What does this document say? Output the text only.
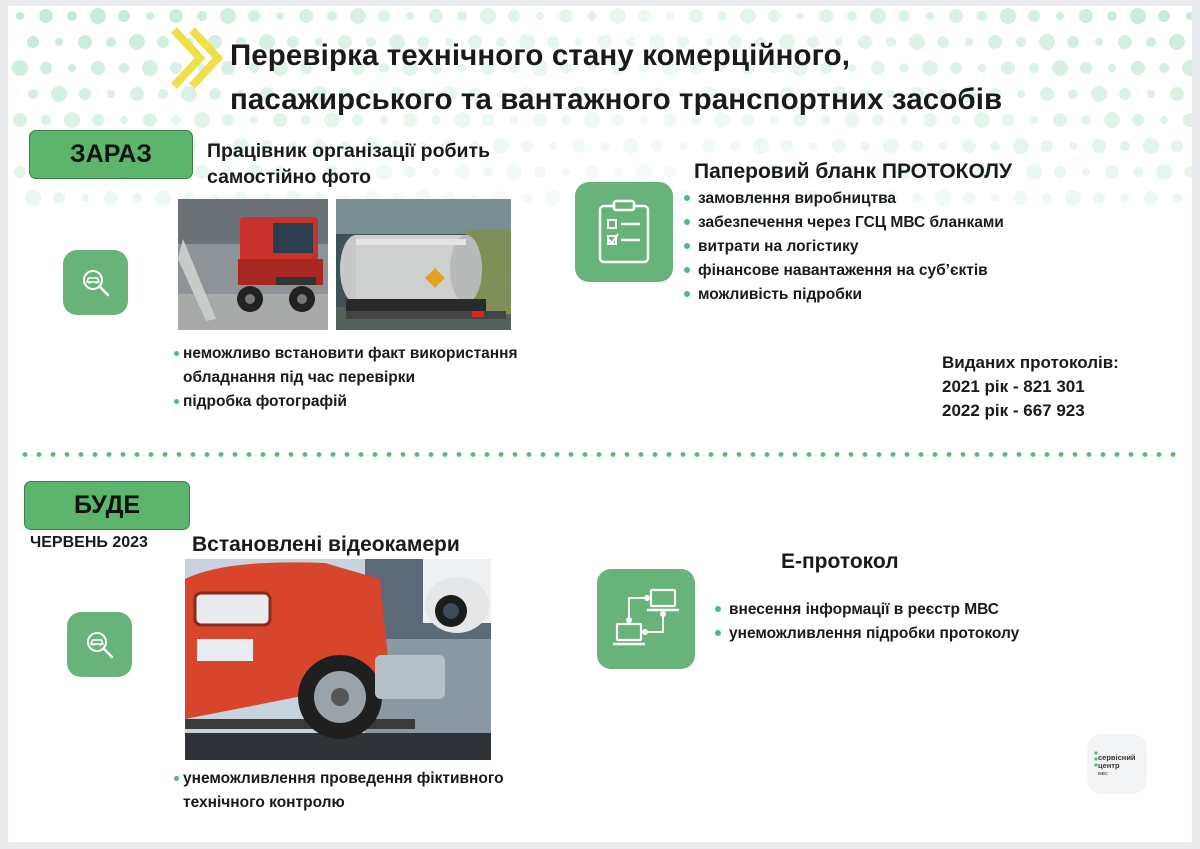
Перевірка технічного стану комерційного,
пасажирського та вантажного транспортних засобів
ЗАРАЗ	Працівник організації робить
самостійно фото
неможливо встановити факт використання обладнання під час перевірки
підробка фотографій
Паперовий бланк ПРОТОКОЛУ
замовлення виробництва
забезпечення через ГСЦ МВС бланками
витрати на логістику
фінансове навантаження на суб’єктів
можливість підробки
Виданих протоколів:
2021 рік - 821 301
2022 рік - 667 923
БУДЕ
ЧЕРВЕНЬ 2023 Встановлені відеокамери
унеможливлення проведення фіктивного технічного контролю
Е-протокол
внесення інформації в реєстр МВС
унеможливлення підробки протоколу
сервісний
центр
МВС
